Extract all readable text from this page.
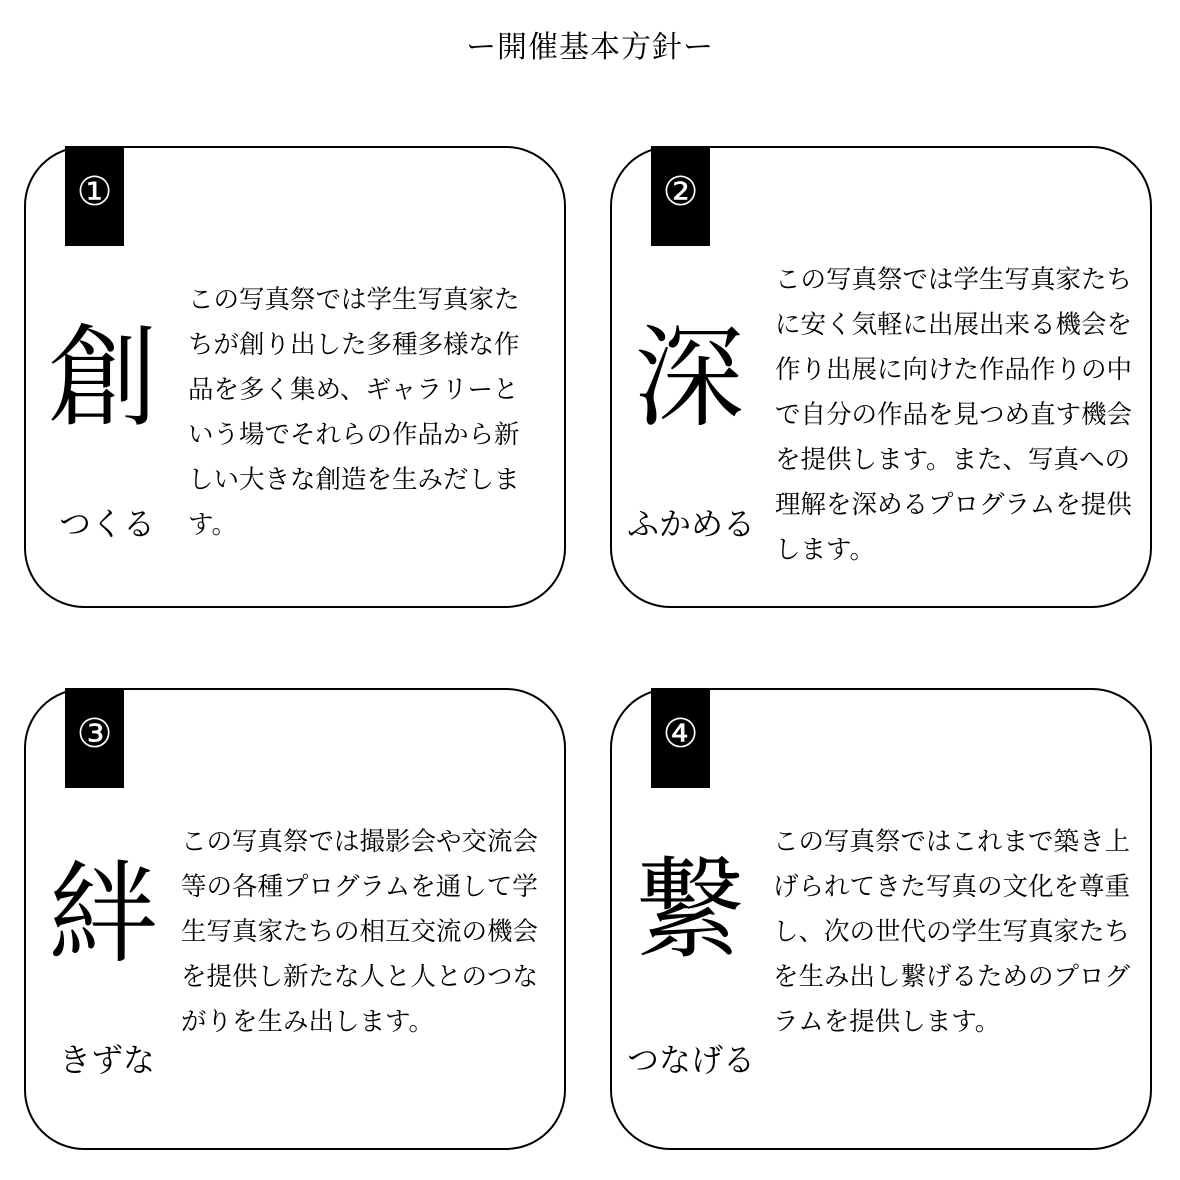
ー開催基本方針ー
①
創
つくる

この写真祭では学生写真家たちが創り出した多種多様な作品を多く集め、ギャラリーという場でそれらの作品から新しい大きな創造を生みだします。

②
深
ふかめる

この写真祭では学生写真家たちに安く気軽に出展出来る機会を作り出展に向けた作品作りの中で自分の作品を見つめ直す機会を提供します。また、写真への理解を深めるプログラムを提供します。

③
絆
きずな

この写真祭では撮影会や交流会等の各種プログラムを通して学生写真家たちの相互交流の機会を提供し新たな人と人とのつながりを生み出します。

④
繋
つなげる

この写真祭ではこれまで築き上げられてきた写真の文化を尊重し、次の世代の学生写真家たちを生み出し繋げるためのプログラムを提供します。
